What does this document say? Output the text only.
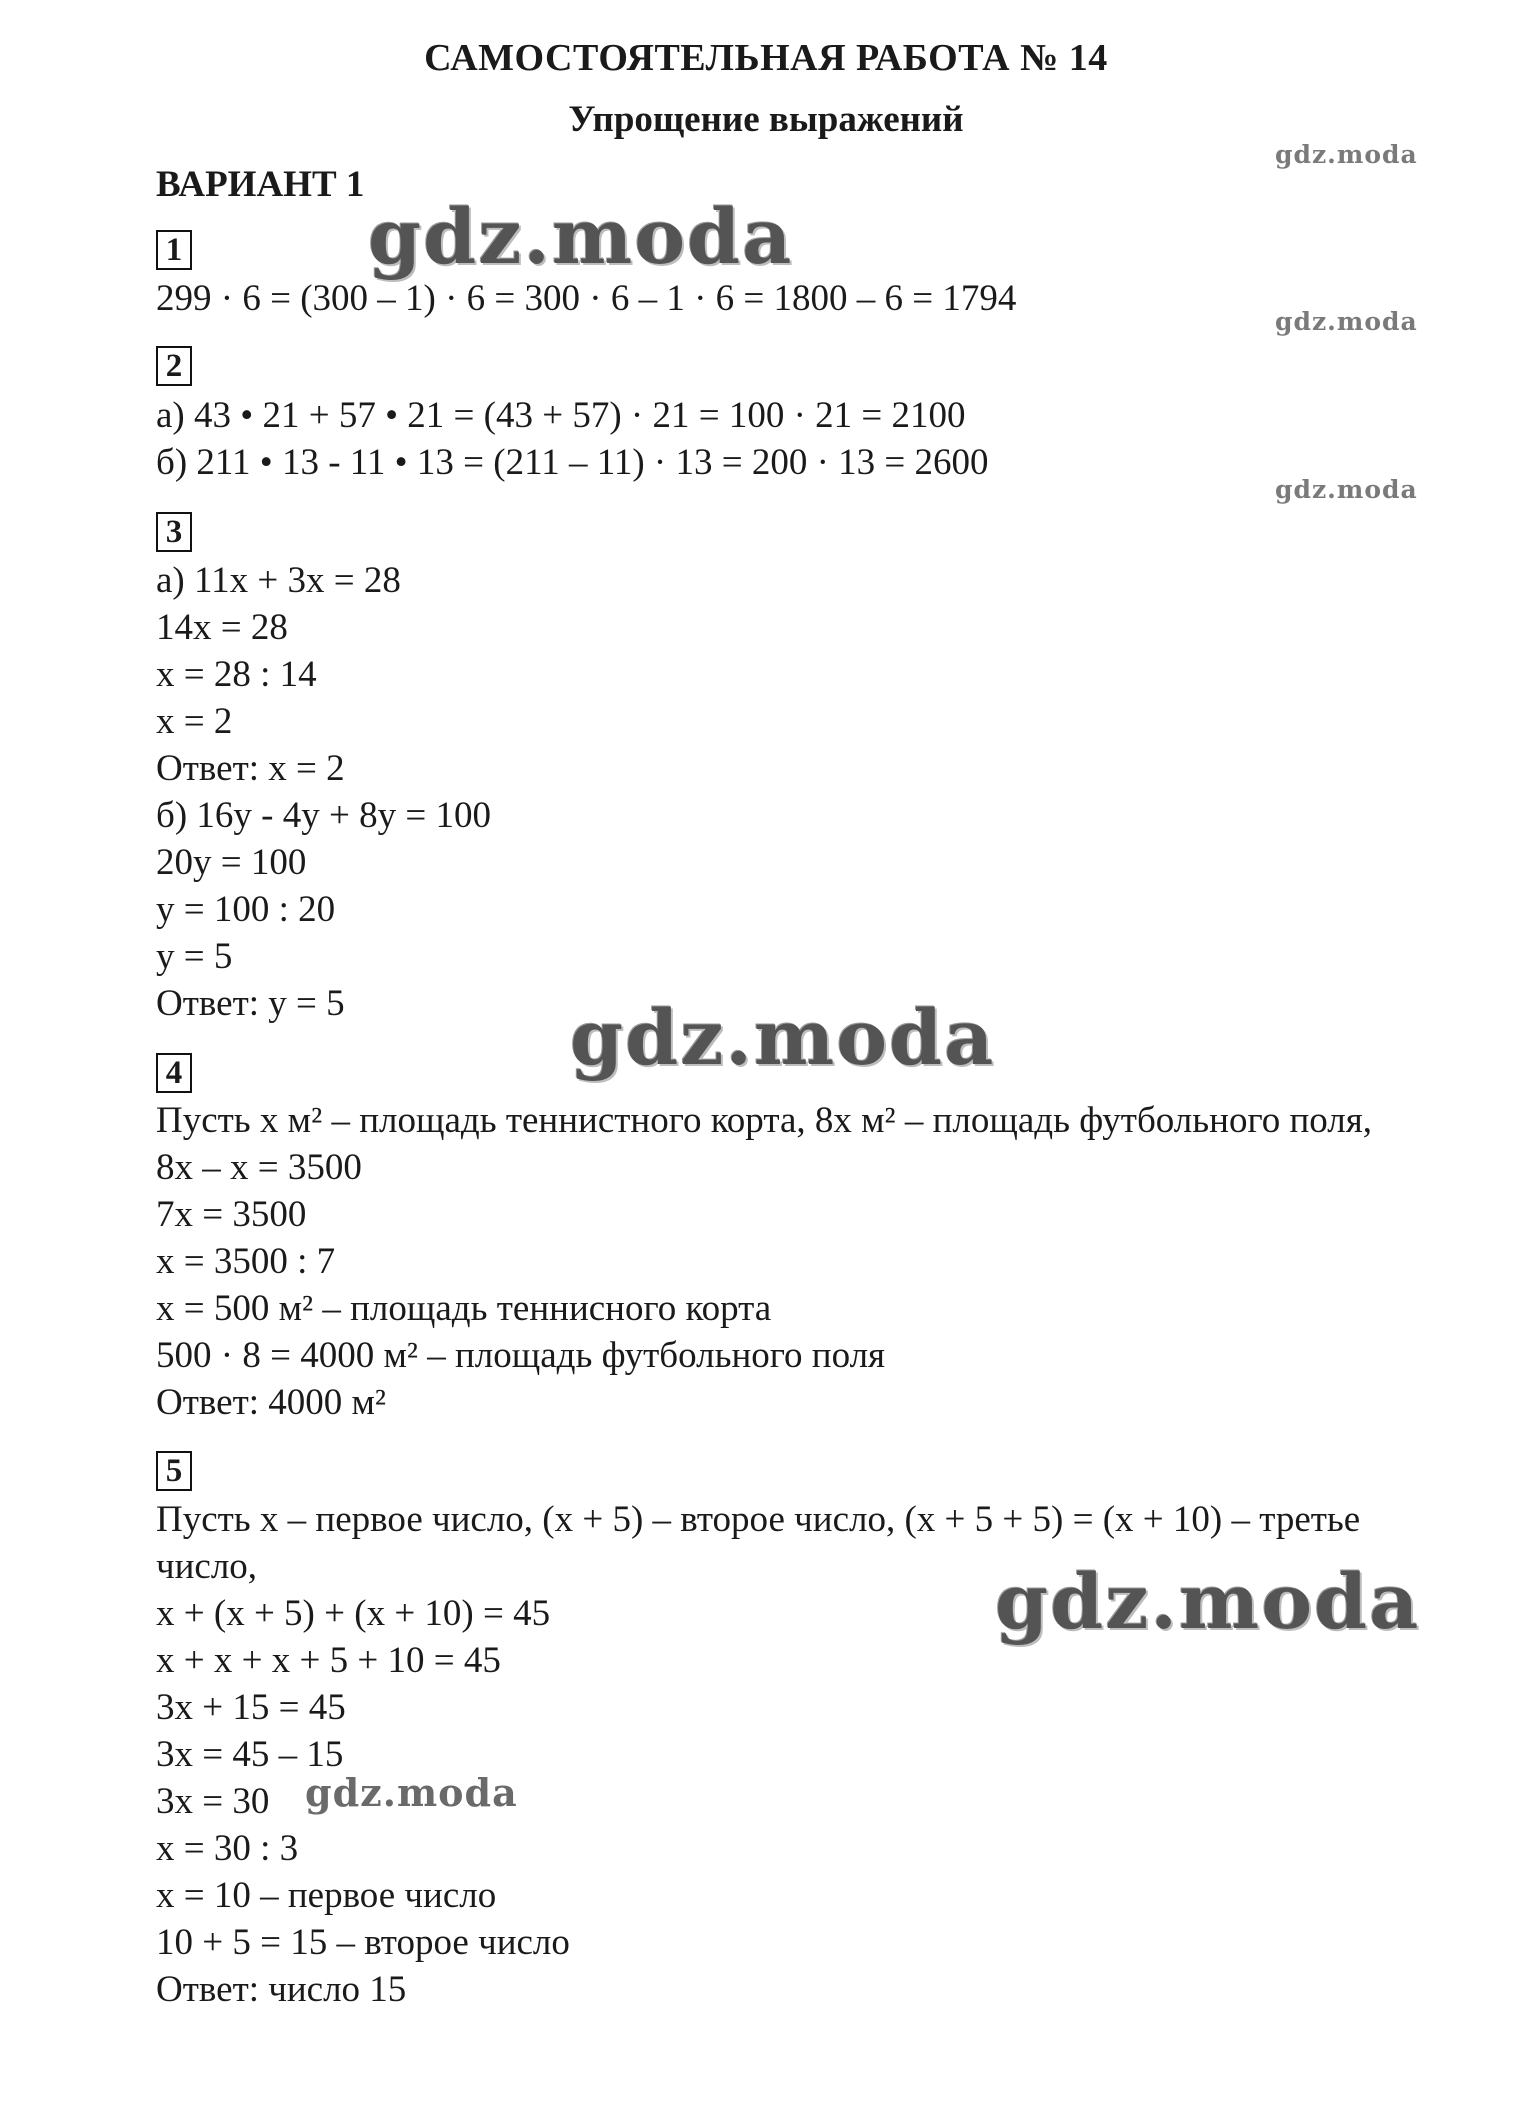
САМОСТОЯТЕЛЬНАЯ РАБОТА № 14
Упрощение выражений
ВАРИАНТ 1
1
299 · 6 = (300 – 1) · 6 = 300 · 6 – 1 · 6 = 1800 – 6 = 1794
2
а) 43 • 21 + 57 • 21 = (43 + 57) · 21 = 100 · 21 = 2100
б) 211 • 13 - 11 • 13 = (211 – 11) · 13 = 200 · 13 = 2600
3
а) 11x + 3x = 28
14x = 28
x = 28 : 14
x = 2
Ответ: x = 2
б) 16y - 4y + 8y = 100
20y = 100
y = 100 : 20
y = 5
Ответ: y = 5
4
Пусть x м² – площадь теннистного корта, 8x м² – площадь футбольного поля,
8x – x = 3500
7x = 3500
x = 3500 : 7
x = 500 м² – площадь теннисного корта
500 · 8 = 4000 м² – площадь футбольного поля
Ответ: 4000 м²
5
Пусть x – первое число, (x + 5) – второе число, (x + 5 + 5) = (x + 10) – третье
число,
x + (x + 5) + (x + 10) = 45
x + x + x + 5 + 10 = 45
3x + 15 = 45
3x = 45 – 15
3x = 30
x = 30 : 3
x = 10 – первое число
10 + 5 = 15 – второе число
Ответ: число 15
gdz.moda
gdz.moda
gdz.moda
gdz.moda
gdz.moda
gdz.moda
gdz.moda
